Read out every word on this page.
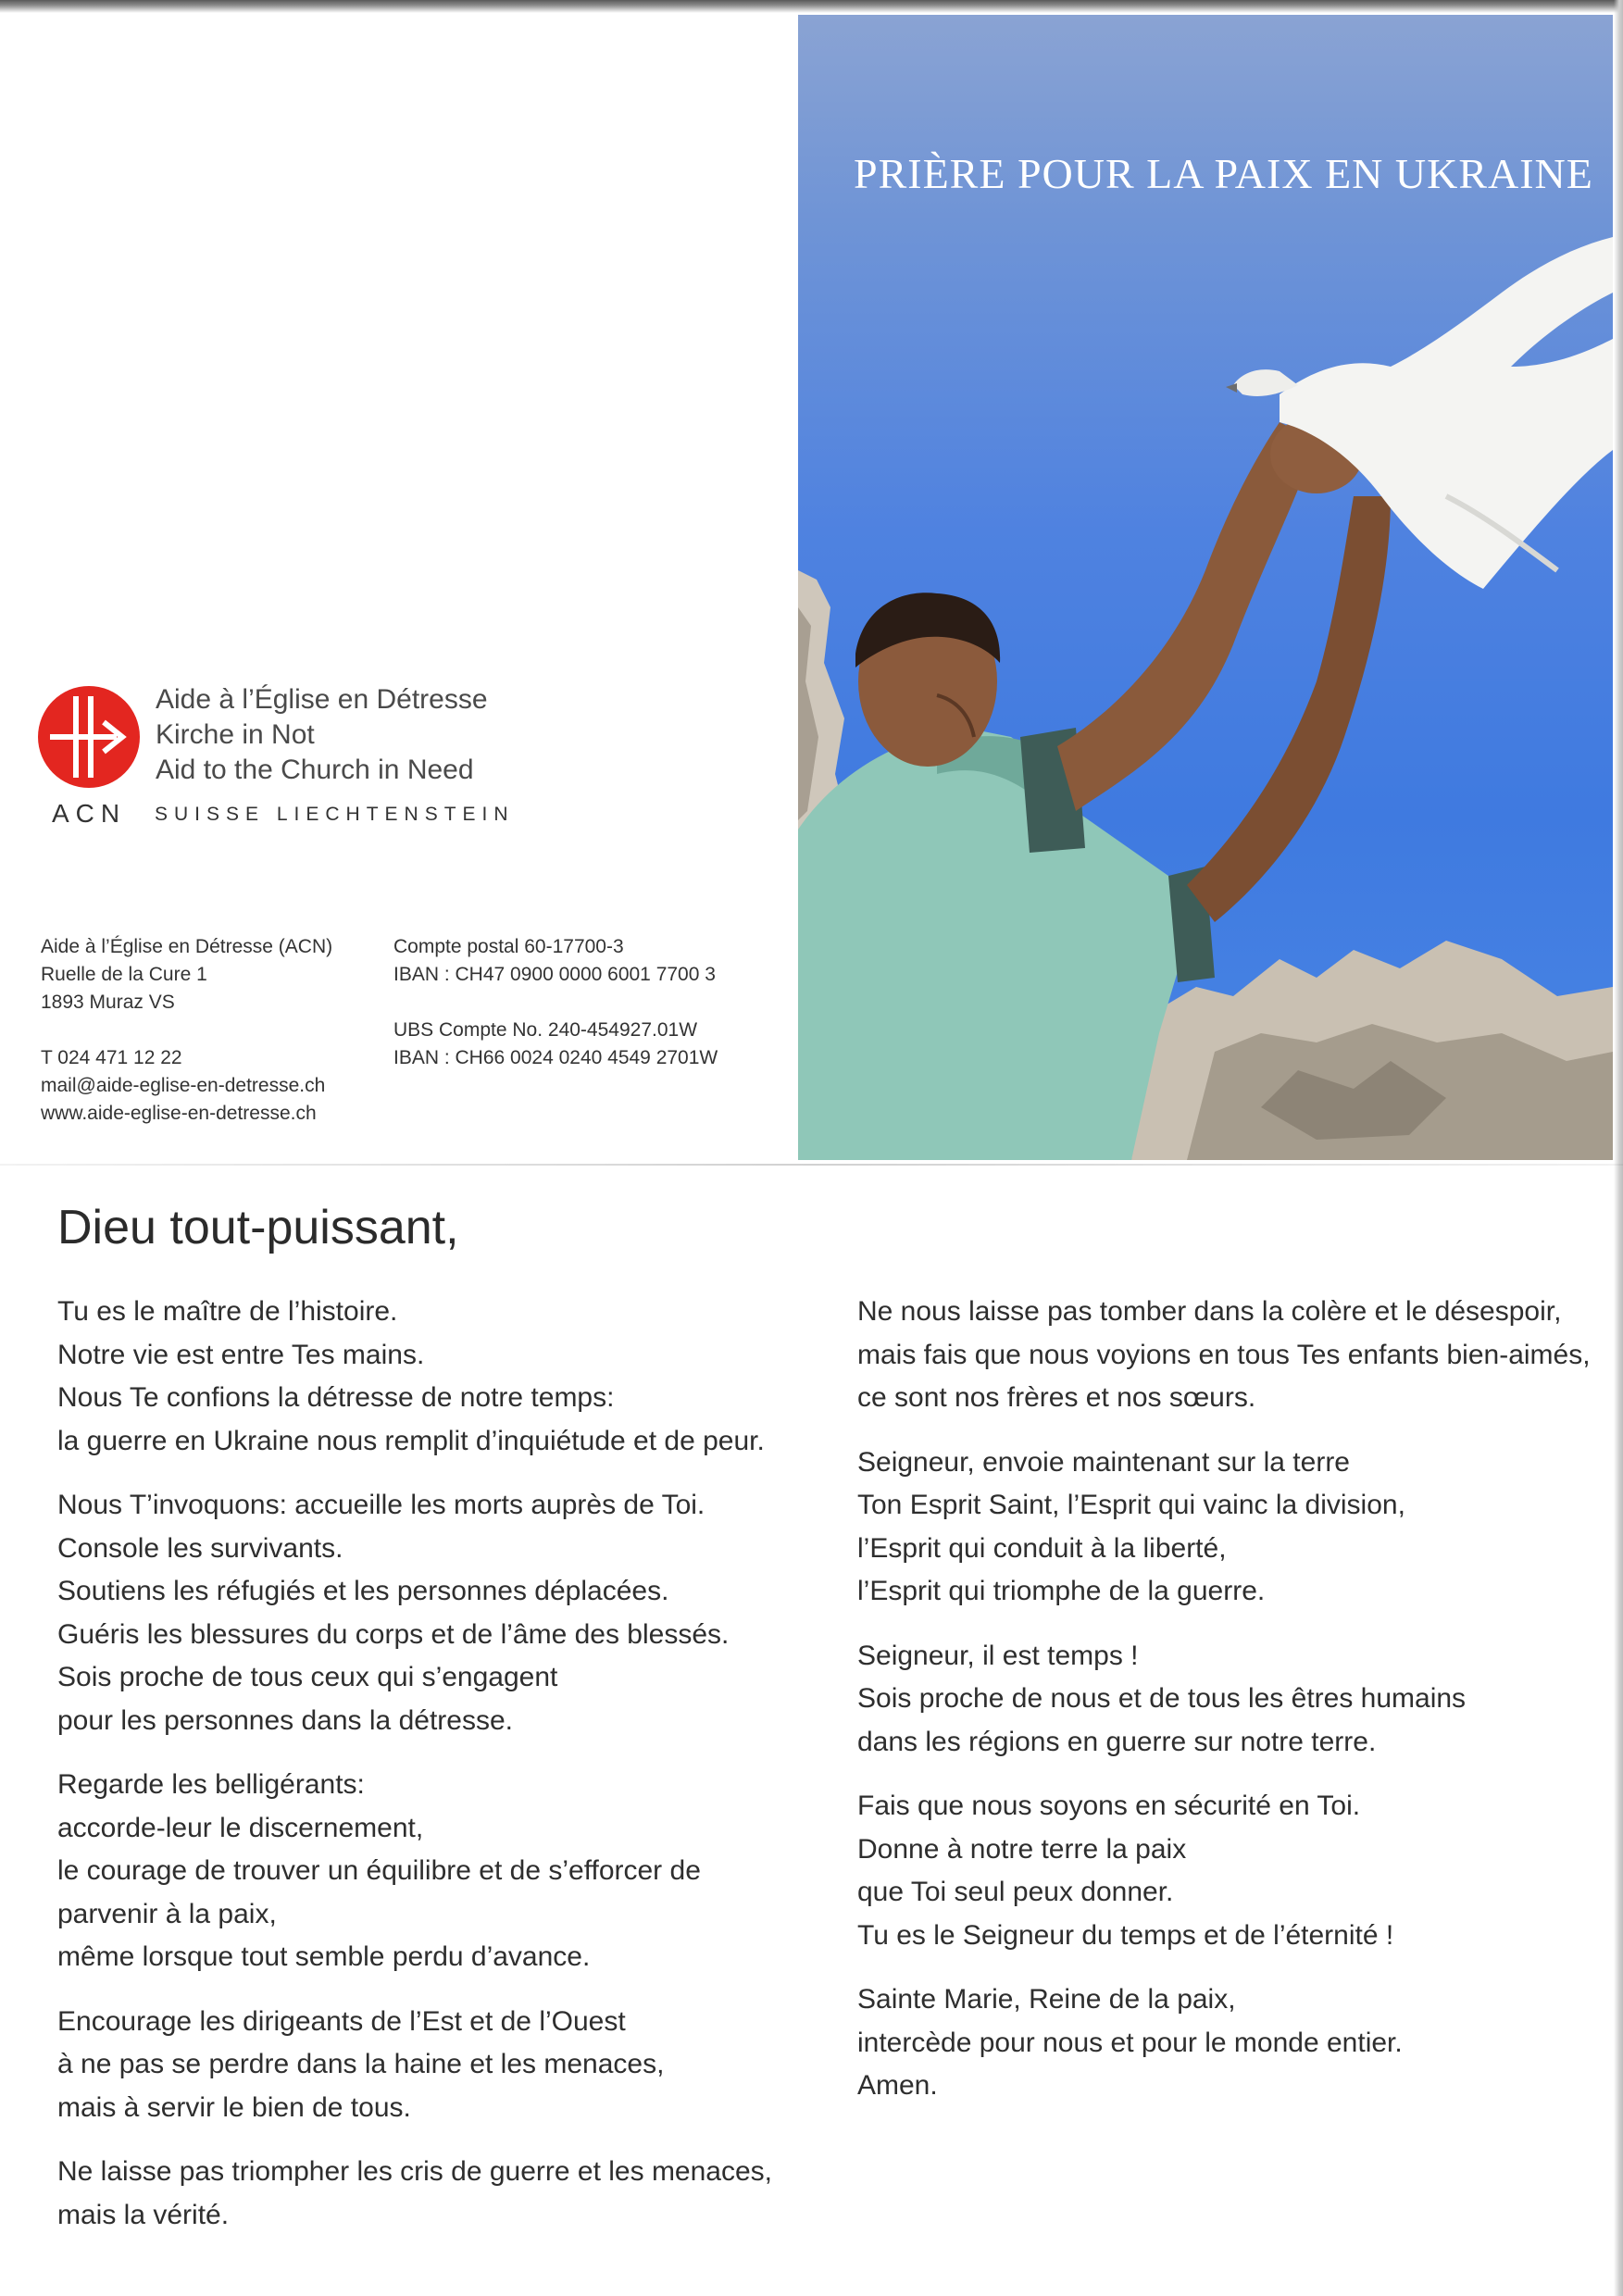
PRIÈRE POUR LA PAIX EN UKRAINE
Aide à l’Église en Détresse
Kirche in Not
Aid to the Church in Need
ACN SUISSE LIECHTENSTEIN
Aide à l’Église en Détresse (ACN)
Ruelle de la Cure 1
1893 Muraz VS
T 024 471 12 22
mail@aide-eglise-en-detresse.ch
www.aide-eglise-en-detresse.ch
Compte postal 60-17700-3
IBAN : CH47 0900 0000 6001 7700 3
UBS Compte No. 240-454927.01W
IBAN : CH66 0024 0240 4549 2701W
Dieu tout-puissant,
Tu es le maître de l’histoire.
Notre vie est entre Tes mains.
Nous Te confions la détresse de notre temps:
la guerre en Ukraine nous remplit d’inquiétude et de peur.
Nous T’invoquons: accueille les morts auprès de Toi.
Console les survivants.
Soutiens les réfugiés et les personnes déplacées.
Guéris les blessures du corps et de l’âme des blessés.
Sois proche de tous ceux qui s’engagent
pour les personnes dans la détresse.
Regarde les belligérants:
accorde-leur le discernement,
le courage de trouver un équilibre et de s’efforcer de
parvenir à la paix,
même lorsque tout semble perdu d’avance.
Encourage les dirigeants de l’Est et de l’Ouest
à ne pas se perdre dans la haine et les menaces,
mais à servir le bien de tous.
Ne laisse pas triompher les cris de guerre et les menaces,
mais la vérité.
Ne nous laisse pas tomber dans la colère et le désespoir,
mais fais que nous voyions en tous Tes enfants bien-aimés,
ce sont nos frères et nos sœurs.
Seigneur, envoie maintenant sur la terre
Ton Esprit Saint, l’Esprit qui vainc la division,
l’Esprit qui conduit à la liberté,
l’Esprit qui triomphe de la guerre.
Seigneur, il est temps !
Sois proche de nous et de tous les êtres humains
dans les régions en guerre sur notre terre.
Fais que nous soyons en sécurité en Toi.
Donne à notre terre la paix
que Toi seul peux donner.
Tu es le Seigneur du temps et de l’éternité !
Sainte Marie, Reine de la paix,
intercède pour nous et pour le monde entier.
Amen.
